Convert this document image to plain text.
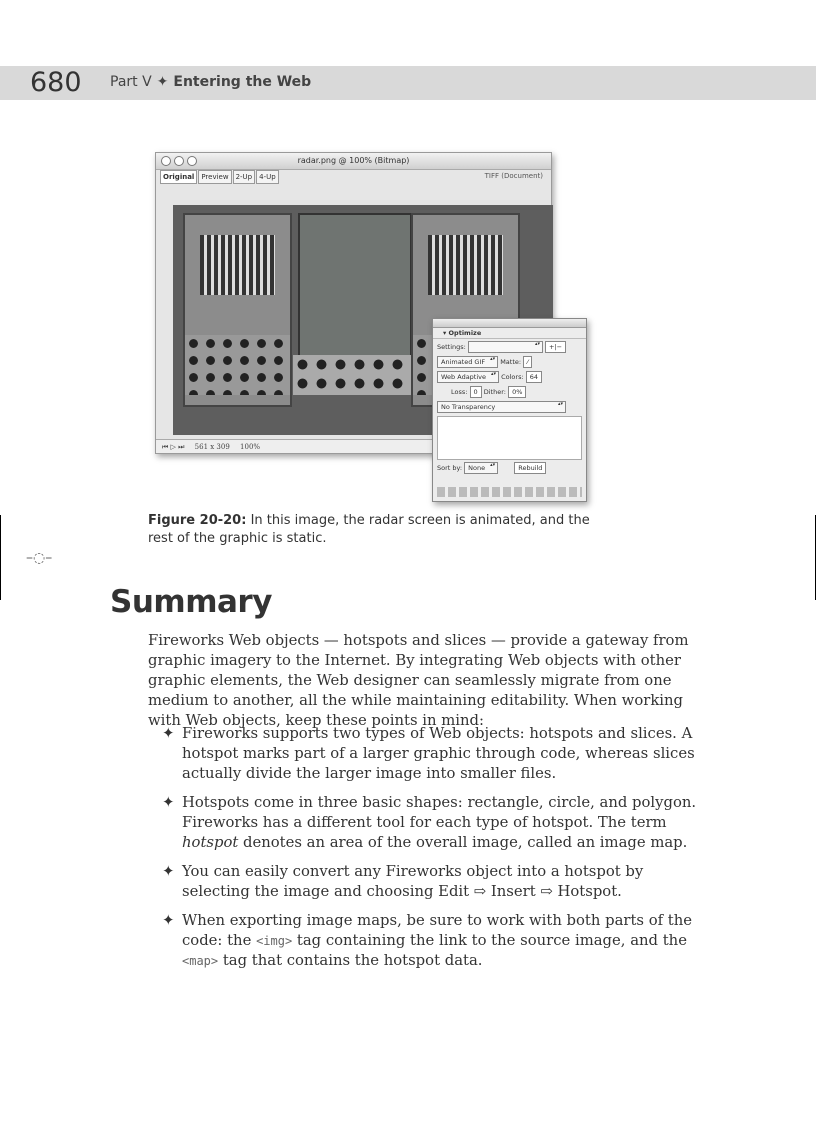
680 Part V ✦ Entering the Web
radar.png @ 100% (Bitmap)
Original Preview 2-Up 4-Up	TIFF (Document)
⏮ ▷ ⏭ 561 x 309 100%
▾ Optimize
Settings: ▴▾	+|−
Animated GIF ▴▾ Matte: ⁄
Web Adaptive ▴▾ Colors: 64
Loss: 0 Dither: 0%
No Transparency ▴▾
Sort by: None ▴▾	Rebuild
Figure 20-20: In this image, the radar screen is animated, and the rest of the graphic is static.
–◌–
Summary

Fireworks Web objects — hotspots and slices — provide a gateway from graphic imagery to the Internet. By integrating Web objects with other graphic elements, the Web designer can seamlessly migrate from one medium to another, all the while maintaining editability. When working with Web objects, keep these points in mind:

✦ Fireworks supports two types of Web objects: hotspots and slices. A hotspot marks part of a larger graphic through code, whereas slices actually divide the larger image into smaller files.
✦ Hotspots come in three basic shapes: rectangle, circle, and polygon. Fireworks has a different tool for each type of hotspot. The term hotspot denotes an area of the overall image, called an image map.
✦ You can easily convert any Fireworks object into a hotspot by selecting the image and choosing Edit ⇨ Insert ⇨ Hotspot.
✦ When exporting image maps, be sure to work with both parts of the code: the <img> tag containing the link to the source image, and the <map> tag that contains the hotspot data.
